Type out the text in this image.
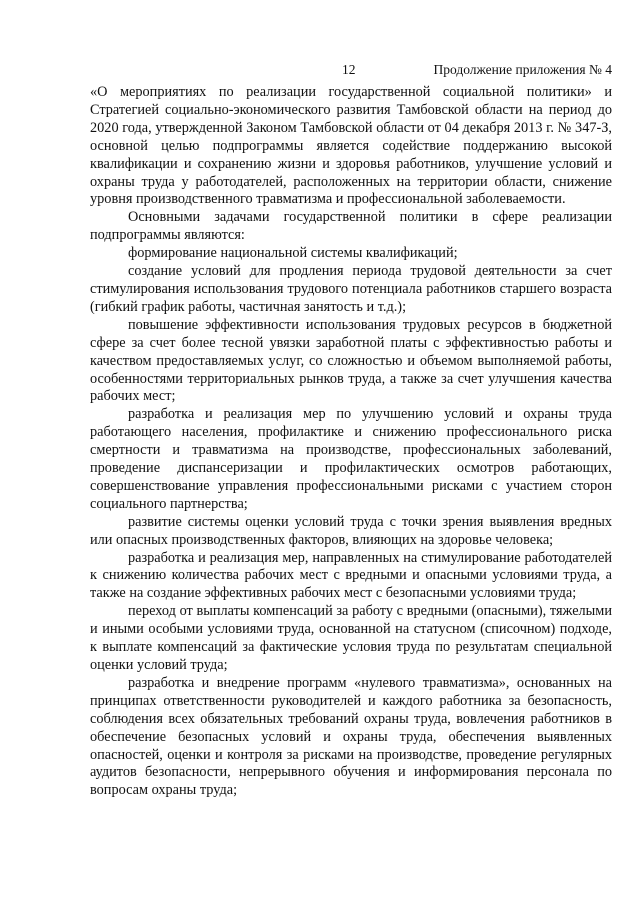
12	Продолжение приложения № 4

«О мероприятиях по реализации государственной социальной политики» и Стратегией социально-экономического развития Тамбовской области на период до 2020 года, утвержденной Законом Тамбовской области от 04 декабря 2013 г. № 347-З, основной целью подпрограммы является содействие поддержанию высокой квалификации и сохранению жизни и здоровья работников, улучшение условий и охраны труда у работодателей, расположенных на территории области, снижение уровня производственного травматизма и профессиональной заболеваемости.

Основными задачами государственной политики в сфере реализации подпрограммы являются:

формирование национальной системы квалификаций;

создание условий для продления периода трудовой деятельности за счет стимулирования использования трудового потенциала работников старшего возраста (гибкий график работы, частичная занятость и т.д.);

повышение эффективности использования трудовых ресурсов в бюджетной сфере за счет более тесной увязки заработной платы с эффективностью работы и качеством предоставляемых услуг, со сложностью и объемом выполняемой работы, особенностями территориальных рынков труда, а также за счет улучшения качества рабочих мест;

разработка и реализация мер по улучшению условий и охраны труда работающего населения, профилактике и снижению профессионального риска смертности и травматизма на производстве, профессиональных заболеваний, проведение диспансеризации и профилактических осмотров работающих, совершенствование управления профессиональными рисками с участием сторон социального партнерства;

развитие системы оценки условий труда с точки зрения выявления вредных или опасных производственных факторов, влияющих на здоровье человека;

разработка и реализация мер, направленных на стимулирование работодателей к снижению количества рабочих мест с вредными и опасными условиями труда, а также на создание эффективных рабочих мест с безопасными условиями труда;

переход от выплаты компенсаций за работу с вредными (опасными), тяжелыми и иными особыми условиями труда, основанной на статусном (списочном) подходе, к выплате компенсаций за фактические условия труда по результатам специальной оценки условий труда;

разработка и внедрение программ «нулевого травматизма», основанных на принципах ответственности руководителей и каждого работника за безопасность, соблюдения всех обязательных требований охраны труда, вовлечения работников в обеспечение безопасных условий и охраны труда, обеспечения выявленных опасностей, оценки и контроля за рисками на производстве, проведение регулярных аудитов безопасности, непрерывного обучения и информирования персонала по вопросам охраны труда;
